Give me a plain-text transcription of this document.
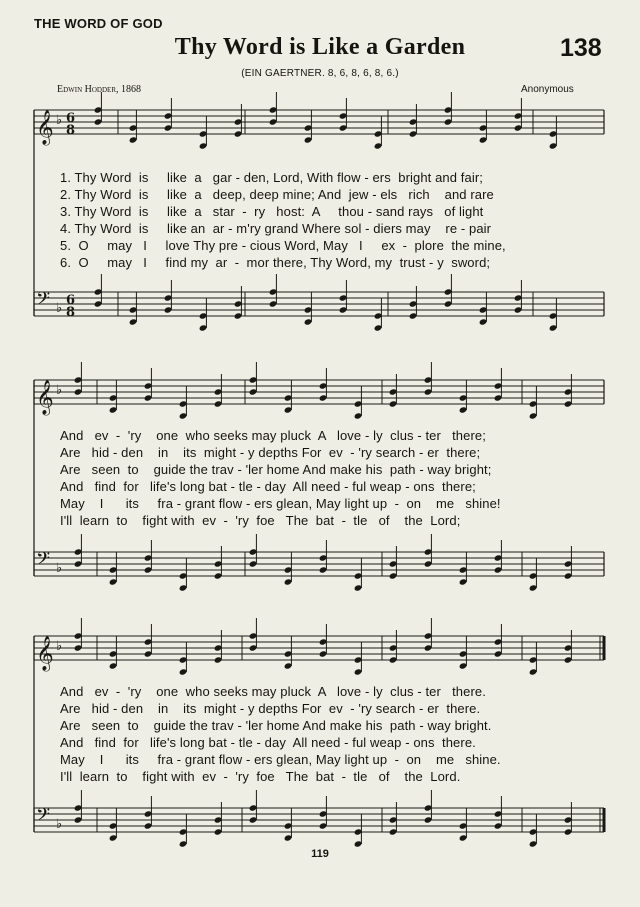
THE WORD OF GOD
Thy Word is Like a Garden	138
(EIN GAERTNER. 8, 6, 8, 6, 8, 6.)
Edwin Hodder, 1868	Anonymous
𝄞 ♭
𝄢 ♭
𝄞 ♭
𝄢 ♭
𝄞 ♭
𝄢 ♭
6
8
6
8
1. Thy Word  is     like  a   gar - den, Lord, With flow - ers  bright and fair;
2. Thy Word  is     like  a   deep, deep mine; And  jew - els   rich    and rare
3. Thy Word  is     like  a   star  -  ry   host:  A     thou - sand rays   of light
4. Thy Word  is     like an  ar - m'ry grand Where sol - diers may    re - pair
5.  O     may   I     love Thy pre - cious Word, May   I     ex  -  plore  the mine,
6.  O     may   I     find my  ar  -  mor there, Thy Word, my  trust - y  sword;
And   ev  -  'ry    one  who seeks may pluck  A   love - ly  clus - ter   there;
Are   hid - den    in    its  might - y depths For  ev  - 'ry search - er  there;
Are   seen  to    guide the trav - 'ler home And make his  path - way bright;
And   find  for   life's long bat - tle - day  All need - ful weap - ons  there;
May    I      its     fra - grant flow - ers glean, May light up  -  on    me   shine!
I'll  learn  to    fight with  ev  -  'ry  foe   The  bat  -  tle   of    the  Lord;
And   ev  -  'ry    one  who seeks may pluck  A   love - ly  clus - ter   there.
Are   hid - den    in    its  might - y depths For  ev  - 'ry search - er  there.
Are   seen  to    guide the trav - 'ler home And make his  path - way bright.
And   find  for   life's long bat - tle - day  All need - ful weap - ons  there.
May    I      its     fra - grant flow - ers glean, May light up  -  on    me   shine.
I'll  learn  to    fight with  ev  -  'ry  foe   The  bat  -  tle   of    the  Lord.
119
